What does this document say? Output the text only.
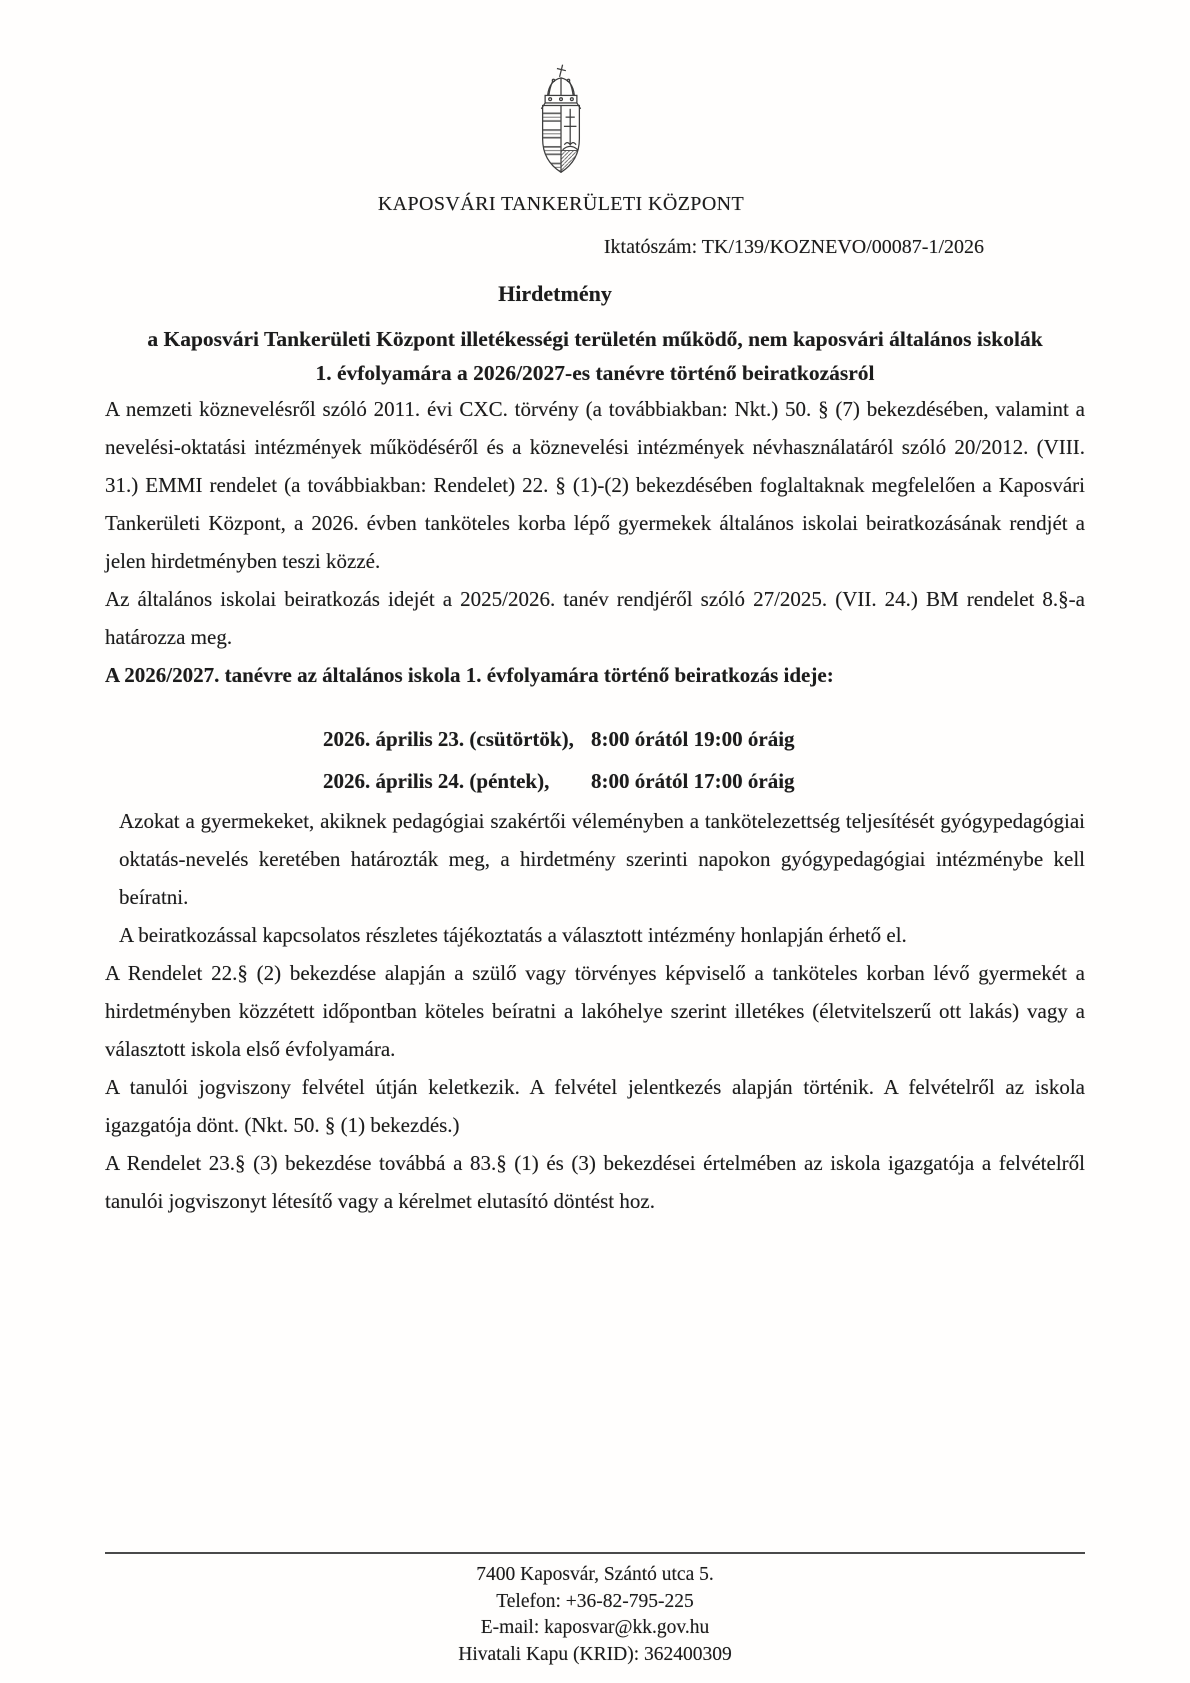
KAPOSVÁRI TANKERÜLETI KÖZPONT
Iktatószám: TK/139/KOZNEVO/00087-1/2026
Hirdetmény
a Kaposvári Tankerületi Központ illetékességi területén működő, nem kaposvári általános iskolák
1. évfolyamára a 2026/2027-es tanévre történő beiratkozásról

A nemzeti köznevelésről szóló 2011. évi CXC. törvény (a továbbiakban: Nkt.) 50. § (7) bekezdésében, valamint a nevelési-oktatási intézmények működéséről és a köznevelési intézmények névhasználatáról szóló 20/2012. (VIII. 31.) EMMI rendelet (a továbbiakban: Rendelet) 22. § (1)-(2) bekezdésében foglaltaknak megfelelően a Kaposvári Tankerületi Központ, a 2026. évben tanköteles korba lépő gyermekek általános iskolai beiratkozásának rendjét a jelen hirdetményben teszi közzé.

Az általános iskolai beiratkozás idejét a 2025/2026. tanév rendjéről szóló 27/2025. (VII. 24.) BM rendelet 8.§-a határozza meg.

A 2026/2027. tanévre az általános iskola 1. évfolyamára történő beiratkozás ideje:

2026. április 23. (csütörtök), 8:00 órától 19:00 óráig
2026. április 24. (péntek),	8:00 órától 17:00 óráig

Azokat a gyermekeket, akiknek pedagógiai szakértői véleményben a tankötelezettség teljesítését gyógypedagógiai oktatás-nevelés keretében határozták meg, a hirdetmény szerinti napokon gyógypedagógiai intézménybe kell beíratni.

A beiratkozással kapcsolatos részletes tájékoztatás a választott intézmény honlapján érhető el.

A Rendelet 22.§ (2) bekezdése alapján a szülő vagy törvényes képviselő a tanköteles korban lévő gyermekét a hirdetményben közzétett időpontban köteles beíratni a lakóhelye szerint illetékes (életvitelszerű ott lakás) vagy a választott iskola első évfolyamára.

A tanulói jogviszony felvétel útján keletkezik. A felvétel jelentkezés alapján történik. A felvételről az iskola igazgatója dönt. (Nkt. 50. § (1) bekezdés.)

A Rendelet 23.§ (3) bekezdése továbbá a 83.§ (1) és (3) bekezdései értelmében az iskola igazgatója a felvételről tanulói jogviszonyt létesítő vagy a kérelmet elutasító döntést hoz.

7400 Kaposvár, Szántó utca 5.
Telefon: +36-82-795-225
E-mail: kaposvar@kk.gov.hu
Hivatali Kapu (KRID): 362400309
